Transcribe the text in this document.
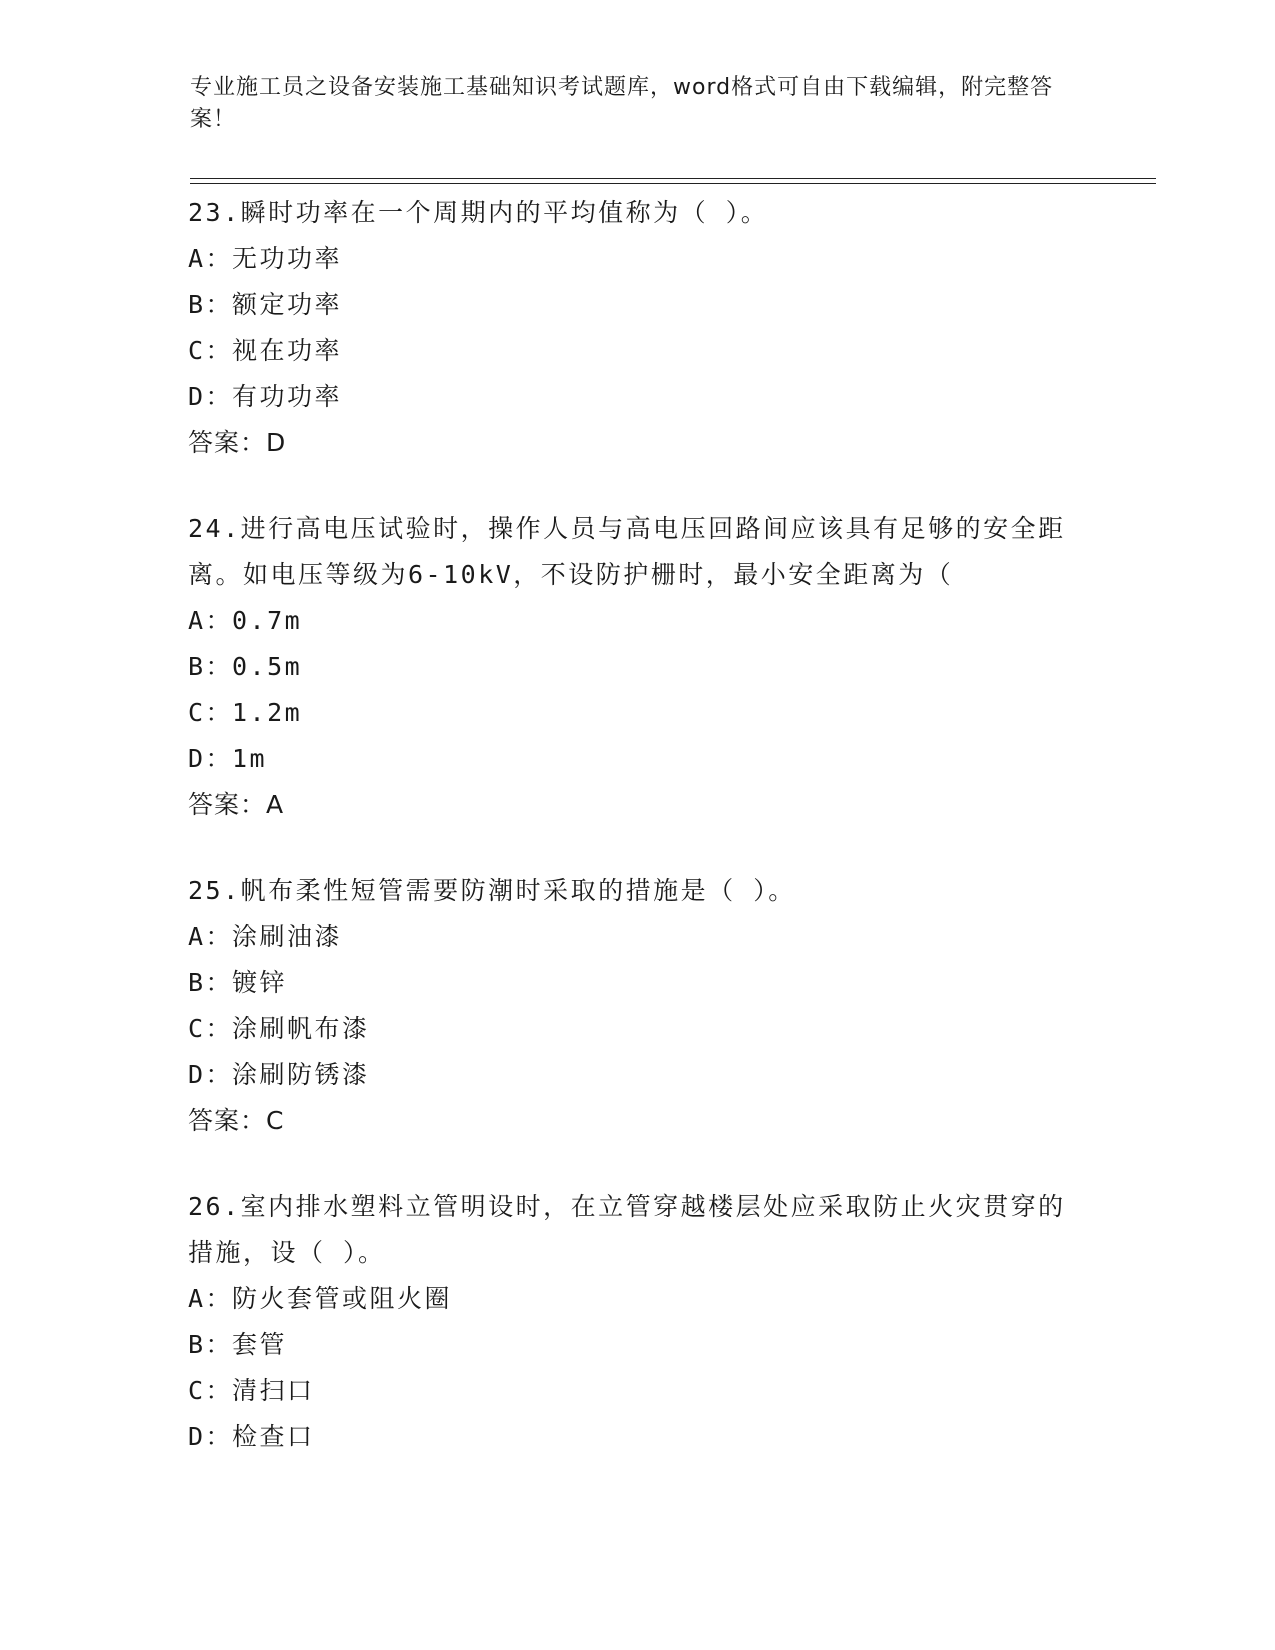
专业施工员之设备安装施工基础知识考试题库，word格式可自由下载编辑，附完整答案！

23.瞬时功率在一个周期内的平均值称为（ ）。

A：无功功率

B：额定功率

C：视在功率

D：有功功率

答案：D

24.进行高电压试验时，操作人员与高电压回路间应该具有足够的安全距离。如电压等级为6-10kV，不设防护栅时，最小安全距离为（

A：0.7m

B：0.5m

C：1.2m

D：1m

答案：A

25.帆布柔性短管需要防潮时采取的措施是（ ）。

A：涂刷油漆

B：镀锌

C：涂刷帆布漆

D：涂刷防锈漆

答案：C

26.室内排水塑料立管明设时，在立管穿越楼层处应采取防止火灾贯穿的措施，设（ ）。

A：防火套管或阻火圈

B：套管

C：清扫口

D：检查口
